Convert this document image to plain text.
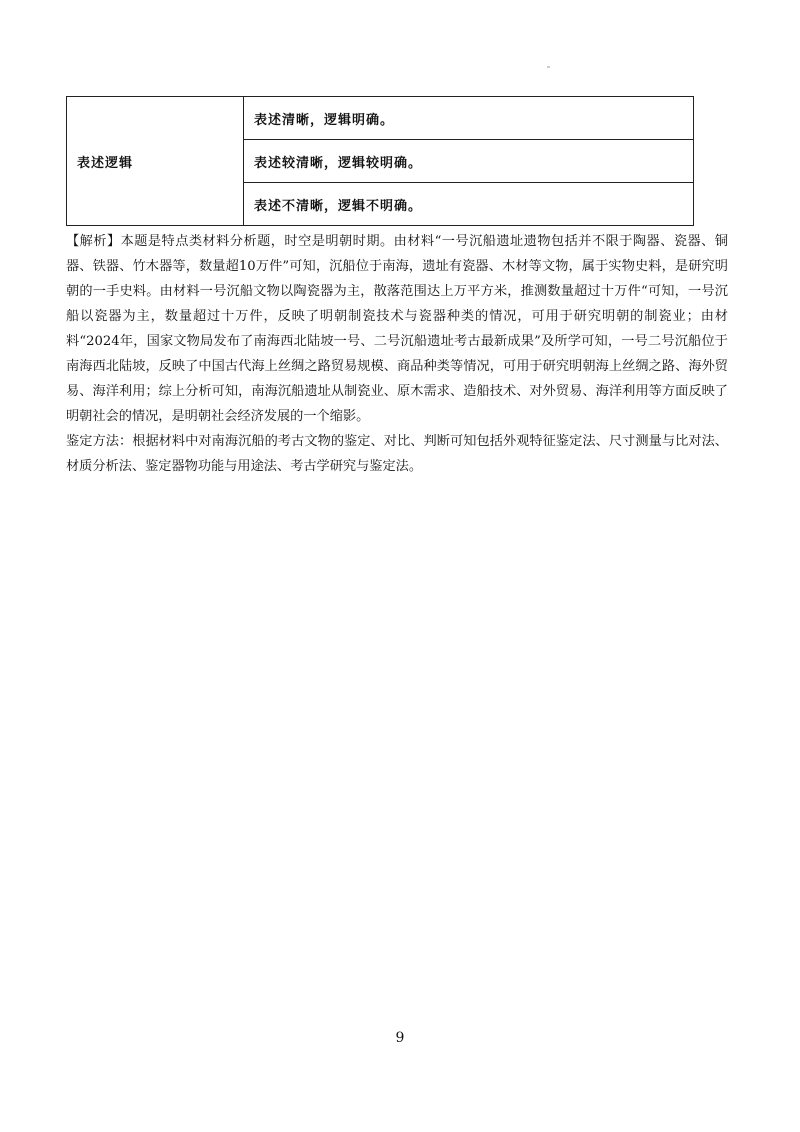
表述逻辑	表述清晰，逻辑明确。
表述较清晰，逻辑较明确。
表述不清晰，逻辑不明确。

【解析】本题是特点类材料分析题，时空是明朝时期。由材料“一号沉船遗址遗物包括并不限于陶器、瓷器、铜器、铁器、竹木器等，数量超10万件”可知，沉船位于南海，遗址有瓷器、木材等文物，属于实物史料，是研究明朝的一手史料。由材料一号沉船文物以陶瓷器为主，散落范围达上万平方米，推测数量超过十万件“可知，一号沉船以瓷器为主，数量超过十万件，反映了明朝制瓷技术与瓷器种类的情况，可用于研究明朝的制瓷业；由材料“2024年，国家文物局发布了南海西北陆坡一号、二号沉船遗址考古最新成果”及所学可知，一号二号沉船位于南海西北陆坡，反映了中国古代海上丝绸之路贸易规模、商品种类等情况，可用于研究明朝海上丝绸之路、海外贸易、海洋利用；综上分析可知，南海沉船遗址从制瓷业、原木需求、造船技术、对外贸易、海洋利用等方面反映了明朝社会的情况，是明朝社会经济发展的一个缩影。

鉴定方法：根据材料中对南海沉船的考古文物的鉴定、对比、判断可知包括外观特征鉴定法、尺寸测量与比对法、材质分析法、鉴定器物功能与用途法、考古学研究与鉴定法。

9
